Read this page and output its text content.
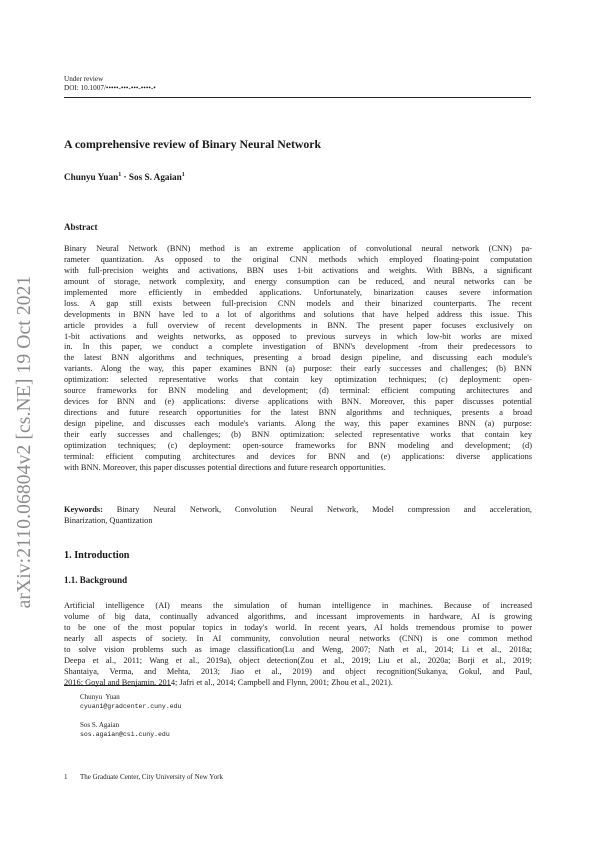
arXiv:2110.06804v2 [cs.NE] 19 Oct 2021
Under review
DOI: 10.1007/•••••-•••-•••-••••-•
A comprehensive review of Binary Neural Network
Chunyu Yuan$^1$ · Sos S. Agaian$^1$
Abstract
Binary Neural Network (BNN) method is an extreme application of convolutional neural network (CNN) pa-
rameter quantization. As opposed to the original CNN methods which employed floating-point computation
with full-precision weights and activations, BBN uses 1-bit activations and weights. With BBNs, a significant
amount of storage, network complexity, and energy consumption can be reduced, and neural networks can be
implemented more efficiently in embedded applications. Unfortunately, binarization causes severe information
loss. A gap still exists between full-precision CNN models and their binarized counterparts. The recent
developments in BNN have led to a lot of algorithms and solutions that have helped address this issue. This
article provides a full overview of recent developments in BNN. The present paper focuses exclusively on
1-bit activations and weights networks, as opposed to previous surveys in which low-bit works are mixed
in. In this paper, we conduct a complete investigation of BNN's development -from their predecessors to
the latest BNN algorithms and techniques, presenting a broad design pipeline, and discussing each module's
variants. Along the way, this paper examines BNN (a) purpose: their early successes and challenges; (b) BNN
optimization: selected representative works that contain key optimization techniques; (c) deployment: open-
source frameworks for BNN modeling and development; (d) terminal: efficient computing architectures and
devices for BNN and (e) applications: diverse applications with BNN. Moreover, this paper discusses potential
directions and future research opportunities for the latest BNN algorithms and techniques, presents a broad
design pipeline, and discusses each module's variants. Along the way, this paper examines BNN (a) purpose:
their early successes and challenges; (b) BNN optimization: selected representative works that contain key
optimization techniques; (c) deployment: open-source frameworks for BNN modeling and development; (d)
terminal: efficient computing architectures and devices for BNN and (e) applications: diverse applications
with BNN. Moreover, this paper discusses potential directions and future research opportunities.
Keywords: Binary Neural Network, Convolution Neural Network, Model compression and acceleration,
Binarization, Quantization
1. Introduction
1.1. Background
Artificial intelligence (AI) means the simulation of human intelligence in machines. Because of increased
volume of big data, continually advanced algorithms, and incessant improvements in hardware, AI is growing
to be one of the most popular topics in today's world. In recent years, AI holds tremendous promise to power
nearly all aspects of society. In AI community, convolution neural networks (CNN) is one common method
to solve vision problems such as image classification(Lu and Weng, 2007; Nath et al., 2014; Li et al., 2018a;
Deepa et al., 2011; Wang et al., 2019a), object detection(Zou et al., 2019; Liu et al., 2020a; Borji et al., 2019;
Shantaiya, Verma, and Mehta, 2013; Jiao et al., 2019) and object recognition(Sukanya, Gokul, and Paul,
2016; Goyal and Benjamin, 2014; Jafri et al., 2014; Campbell and Flynn, 2001; Zhou et al., 2021).
Chunyu  Yuan
cyuan1@gradcenter.cuny.edu
Sos S. Agaian
sos.agaian@csi.cuny.edu
1 The Graduate Center, City University of New York
